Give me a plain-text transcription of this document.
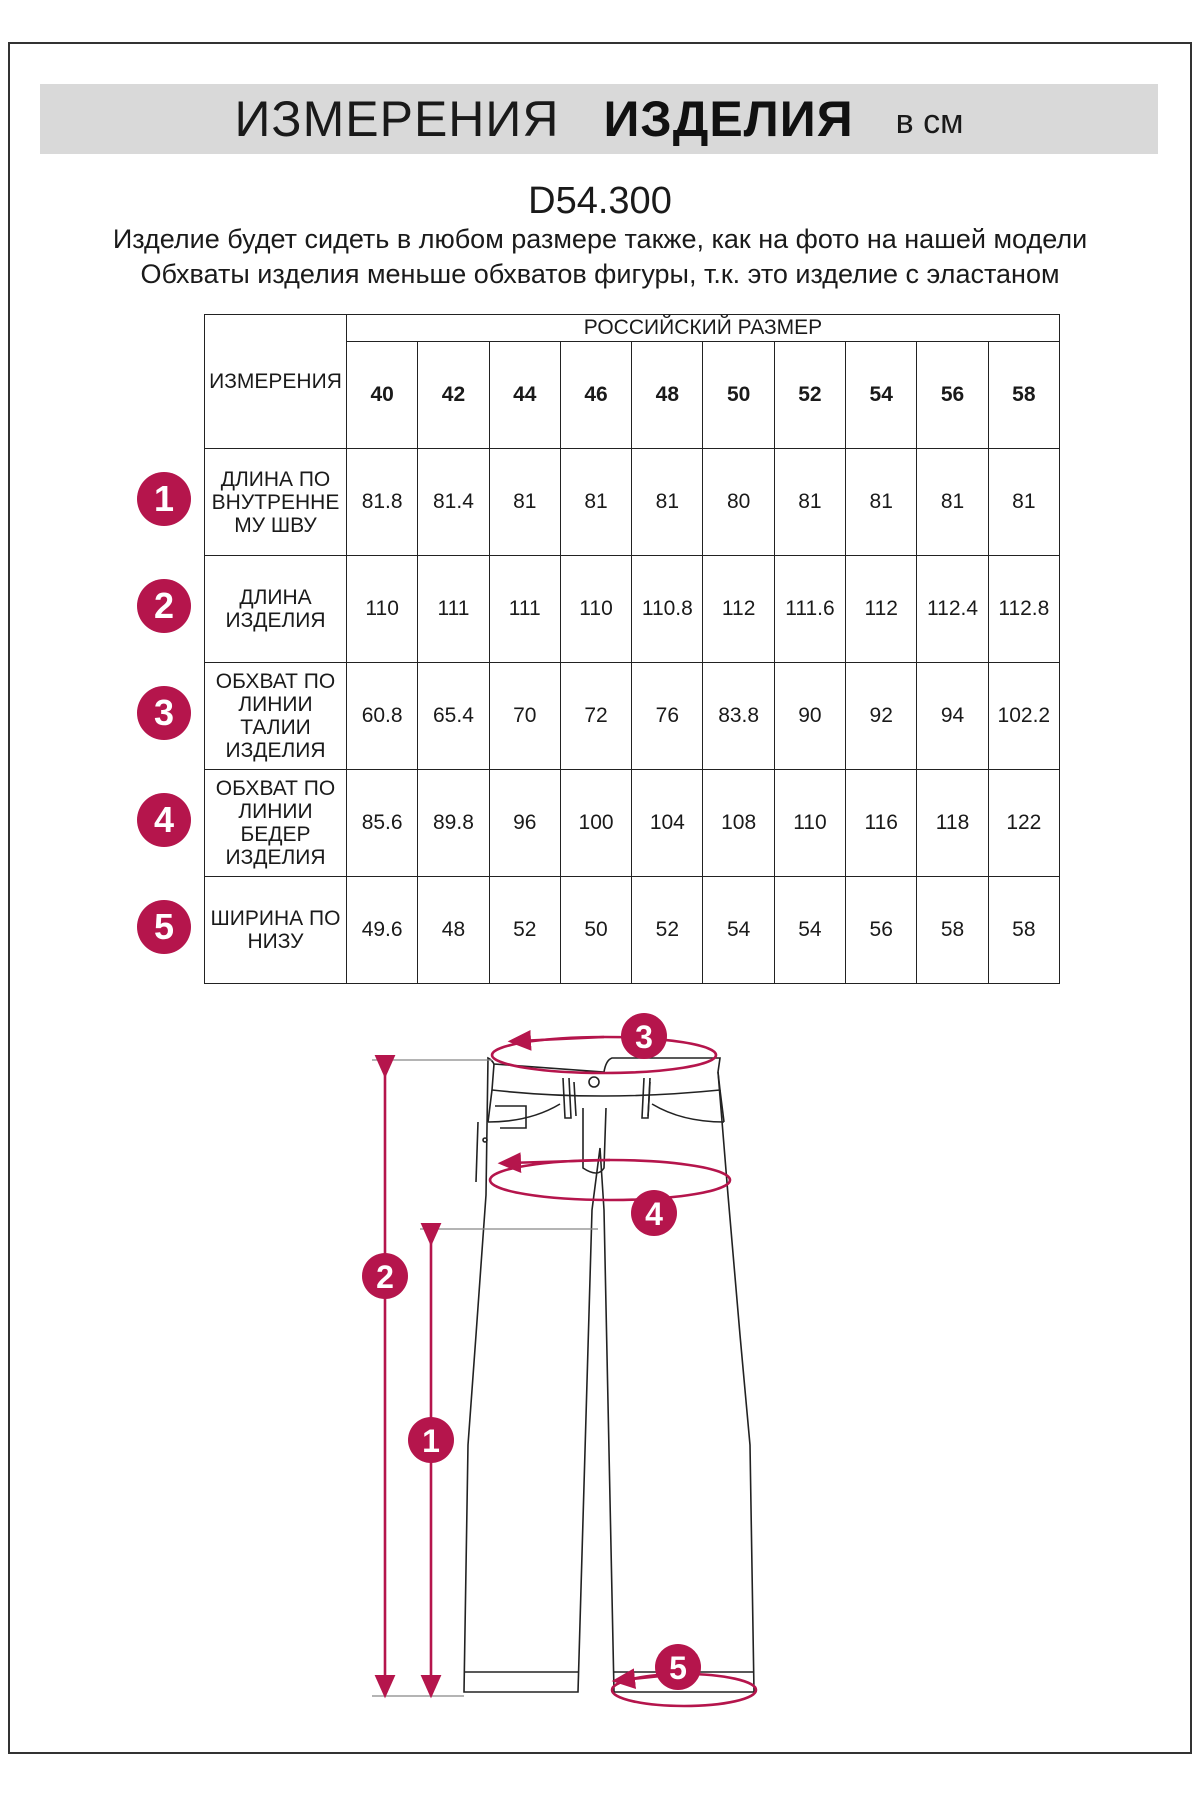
ИЗМЕРЕНИЯ ИЗДЕЛИЯ в см
D54.300
Изделие будет сидеть в любом размере также, как на фото на нашей модели
Обхваты изделия меньше обхватов фигуры, т.к. это изделие с эластаном
ИЗМЕРЕНИЯ	РОССИЙСКИЙ РАЗМЕР									
	40	42	44	46	48	50	52	54	56	58
ДЛИНА ПО ВНУТРЕННЕ МУ ШВУ	81.8	81.4	81	81	81	80	81	81	81	81
ДЛИНА ИЗДЕЛИЯ	110	111	111	110	110.8	112	111.6	112	112.4	112.8
ОБХВАТ ПО ЛИНИИ ТАЛИИ ИЗДЕЛИЯ	60.8	65.4	70	72	76	83.8	90	92	94	102.2
ОБХВАТ ПО ЛИНИИ БЕДЕР ИЗДЕЛИЯ	85.6	89.8	96	100	104	108	110	116	118	122
ШИРИНА ПО НИЗУ	49.6	48	52	50	52	54	54	56	58	58
1
2
3
4
5
2
1
3
4
5
